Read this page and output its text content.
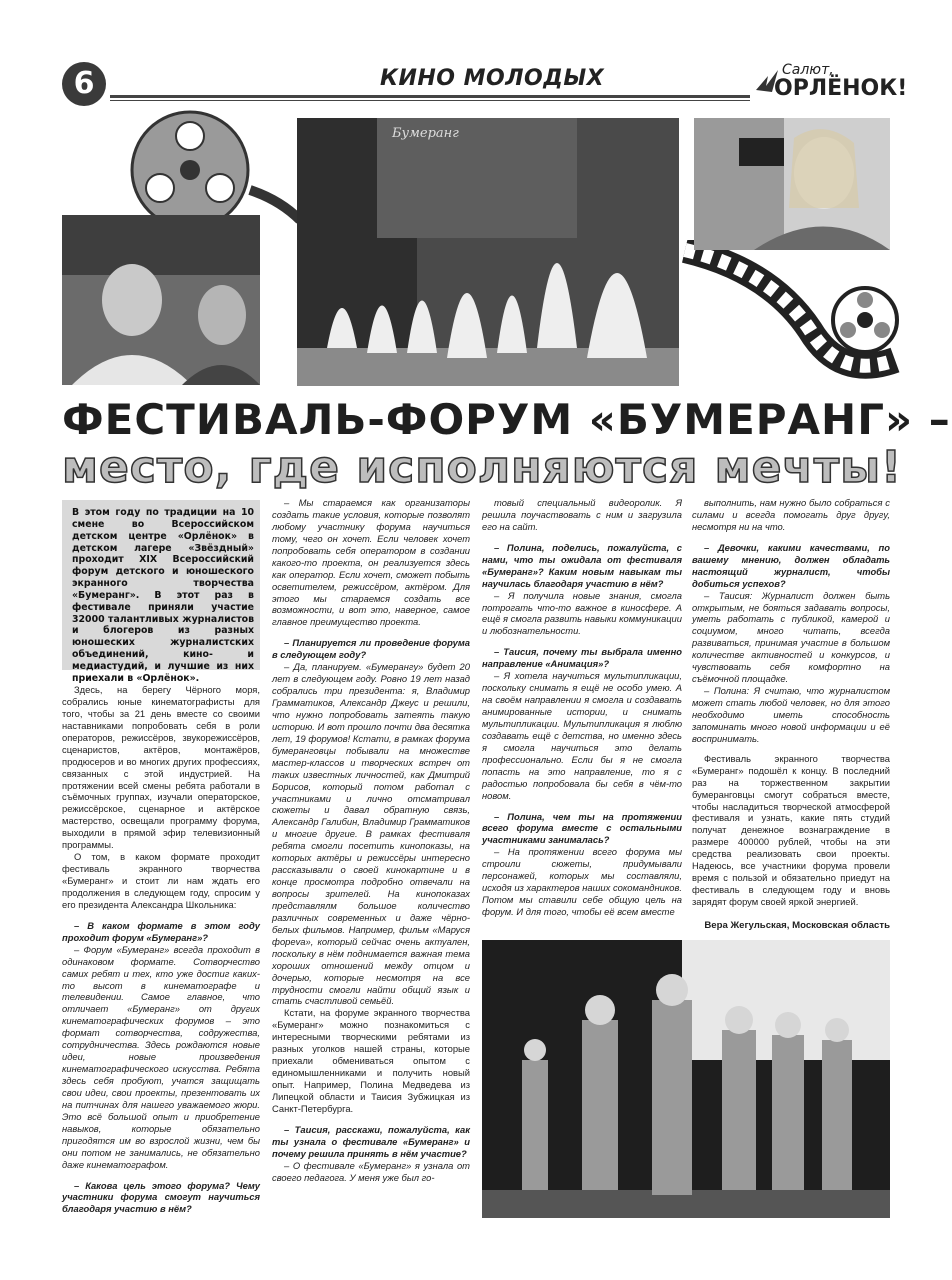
6	КИНО МОЛОДЫХ	Салют,
ОРЛЁНОК!
Бумеранг
ФЕСТИВАЛЬ-ФОРУМ «БУМЕРАНГ» –
место, где исполняются мечты!
В этом году по традиции на 10 смене во Всероссийском детском центре «Орлёнок» в детском лагере «Звёздный» проходит XIX Всероссийский форум детского и юношеского экранного творчества «Бумеранг». В этот раз в фестивале приняли участие 32000 талантливых журналистов и блогеров из разных юношеских журналистских объединений, кино- и медиастудий, и лучшие из них приехали в «Орлёнок».

Здесь, на берегу Чёрного моря, собрались юные кинематографисты для того, чтобы за 21 день вместе со своими наставниками попробовать себя в роли операторов, режиссёров, звукорежиссёров, сценаристов, актёров, монтажёров, продюсеров и во многих других профессиях, связанных с этой индустрией. На протяжении всей смены ребята работали в съёмочных группах, изучали операторское, режиссёрское, сценарное и актёрское мастерство, освещали программу форума, выходили в прямой эфир телевизионный программы.

О том, в каком формате проходит фестиваль экранного творчества «Бумеранг» и стоит ли нам ждать его продолжения в следующем году, спросим у его президента Александра Школьника:

– В каком формате в этом году проходит форум «Бумеранг»?

– Форум «Бумеранг» всегда проходит в одинаковом формате. Сотворчество самих ребят и тех, кто уже достиг каких-то высот в кинематографе и телевидении. Самое главное, что отличает «Бумеранг» от других кинематографических форумов – это формат сотворчества, содружества, сотрудничества. Здесь рождаются новые идеи, новые произведения кинематографического искусства. Ребята здесь себя пробуют, учатся защищать свои идеи, свои проекты, презентовать их на питчинах для нашего уважаемого жюри. Это всё большой опыт и приобретение навыков, которые обязательно пригодятся им во взрослой жизни, чем бы они потом не занимались, не обязательно даже кинематографом.

– Какова цель этого форума? Чему участники форума смогут научиться благодаря участию в нём?

– Мы стараемся как организаторы создать такие условия, которые позволят любому участнику форума научиться тому, чего он хочет. Если человек хочет попробовать себя оператором в создании какого-то проекта, он реализуется здесь как оператор. Если хочет, сможет побыть осветителем, режиссёром, актёром. Для этого мы стараемся создать все возможности, и вот это, наверное, самое главное преимущество проекта.

– Планируется ли проведение форума в следующем году?

– Да, планируем. «Бумерангу» будет 20 лет в следующем году. Ровно 19 лет назад собрались три президента: я, Владимир Грамматиков, Александр Джеус и решили, что нужно попробовать затеять такую историю. И вот прошло почти два десятка лет, 19 форумов! Кстати, в рамках форума бумеранговцы побывали на множестве мастер-классов и творческих встреч от таких известных личностей, как Дмитрий Борисов, который потом работал с участниками и лично отсматривал сюжеты и давал обратную связь, Александр Галибин, Владимир Грамматиков и многие другие. В рамках фестиваля ребята смогли посетить кинопоказы, на которых актёры и режиссёры интересно рассказывали о своей кинокартине и в конце просмотра подробно отвечали на вопросы зрителей. На кинопоказах представлялм большое количество различных современных и даже чёрно-белых фильмов. Например, фильм «Маруся фореvа», который сейчас очень актуален, поскольку в нём поднимается важная тема хороших отношений между отцом и дочерью, которые несмотря на все трудности смогли найти общий язык и стать счастливой семьёй.

Кстати, на форуме экранного творчества «Бумеранг» можно познакомиться с интересными творческими ребятами из разных уголков нашей страны, которые приехали обмениваться опытом с единомышленниками и получить новый опыт. Например, Полина Медведева из Липецкой области и Таисия Зубжицкая из Санкт-Петербурга.

– Таисия, расскажи, пожалуйста, как ты узнала о фестивале «Бумеранг» и почему решила принять в нём участие?

– О фестивале «Бумеранг» я узнала от своего педагога. У меня уже был го-

товый специальный видеоролик. Я решила поучаствовать с ним и загрузила его на сайт.

– Полина, поделись, пожалуйста, с нами, что ты ожидала от фестиваля «Бумеранг»? Каким новым навыкам ты научилась благодаря участию в нём?

– Я получила новые знания, смогла потрогать что-то важное в киносфере. А ещё я смогла развить навыки коммуникации и любознательности.

– Таисия, почему ты выбрала именно направление «Анимация»?

– Я хотела научиться мультипликации, поскольку снимать я ещё не особо умею. А на своём направлении я смогла и создавать анимированные истории, и снимать мультипликации. Мультипликация я люблю создавать ещё с детства, но именно здесь я смогла научиться это делать профессионально. Если бы я не смогла попасть на это направление, то я с радостью попробовала бы себя в чём-то новом.

– Полина, чем ты на протяжении всего форума вместе с остальными участниками занималась?

– На протяжении всего форума мы строили сюжеты, придумывали персонажей, которых мы составляли, исходя из характеров наших сокомандников. Потом мы ставили себе общую цель на форум. И для того, чтобы её всем вместе

выполнить, нам нужно было собраться с силами и всегда помогать друг другу, несмотря ни на что.

– Девочки, какими качествами, по вашему мнению, должен обладать настоящий журналист, чтобы добиться успехов?

– Таисия: Журналист должен быть открытым, не бояться задавать вопросы, уметь работать с публикой, камерой и социумом, много читать, всегда развиваться, принимая участие в большом количестве активностей и конкурсов, и чувствовать себя комфортно на съёмочной площадке.

– Полина: Я считаю, что журналистом может стать любой человек, но для этого необходимо иметь способность запоминать много новой информации и её воспринимать.

Фестиваль экранного творчества «Бумеранг» подошёл к концу. В последний раз на торжественном закрытии бумеранговцы смогут собраться вместе, чтобы насладиться творческой атмосферой фестиваля и узнать, какие пять студий получат денежное вознаграждение в размере 400000 рублей, чтобы на эти средства реализовать свои проекты. Надеюсь, все участники форума провели время с пользой и обязательно приедут на фестиваль в следующем году и вновь зарядят форум своей яркой энергией.

Вера Жегульская, Московская область
